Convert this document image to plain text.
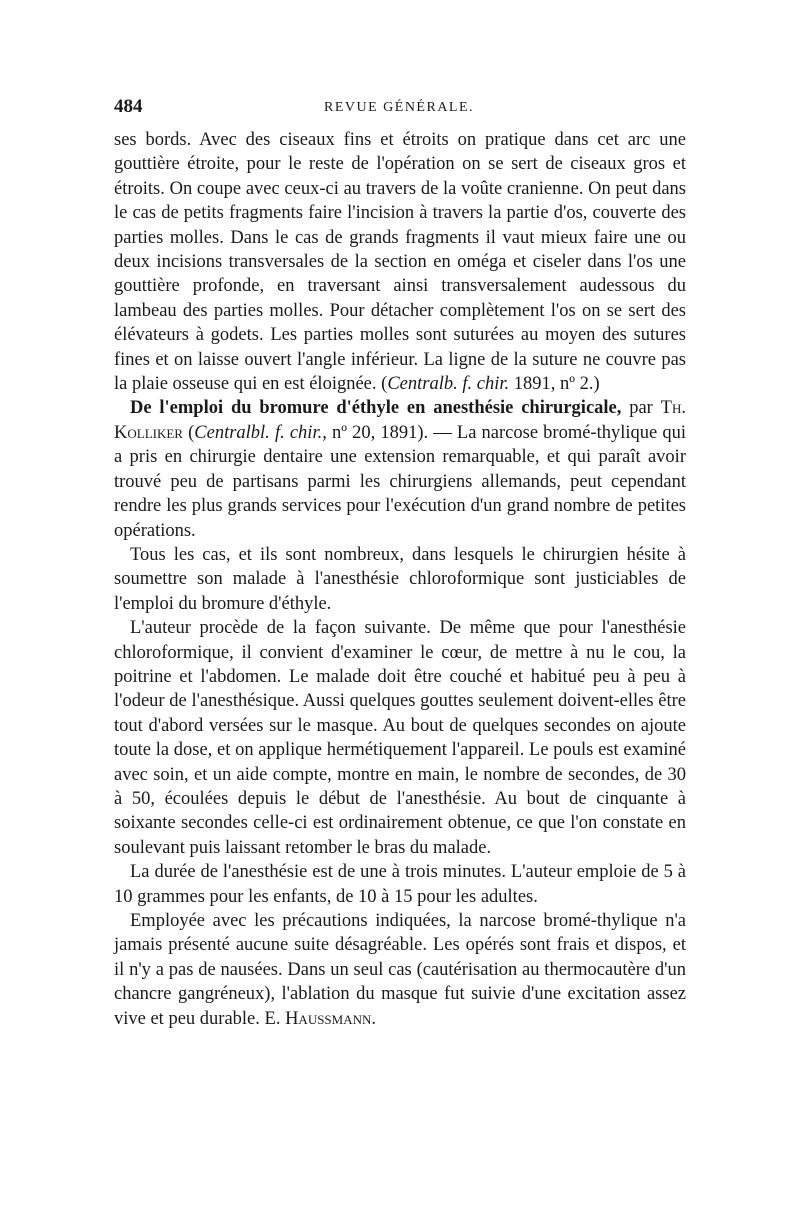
484	REVUE GÉNÉRALE.

ses bords. Avec des ciseaux fins et étroits on pratique dans cet arc une gouttière étroite, pour le reste de l'opération on se sert de ciseaux gros et étroits. On coupe avec ceux-ci au travers de la voûte cranienne. On peut dans le cas de petits fragments faire l'incision à travers la partie d'os, couverte des parties molles. Dans le cas de grands fragments il vaut mieux faire une ou deux incisions transversales de la section en oméga et ciseler dans l'os une gouttière profonde, en traversant ainsi transversalement audessous du lambeau des parties molles. Pour détacher complètement l'os on se sert des élévateurs à godets. Les parties molles sont suturées au moyen des sutures fines et on laisse ouvert l'angle inférieur. La ligne de la suture ne couvre pas la plaie osseuse qui en est éloignée. (Centralb. f. chir. 1891, nº 2.)

De l'emploi du bromure d'éthyle en anesthésie chirurgicale, par Th. Kolliker (Centralbl. f. chir., nº 20, 1891). — La narcose bromé-thylique qui a pris en chirurgie dentaire une extension remarquable, et qui paraît avoir trouvé peu de partisans parmi les chirurgiens allemands, peut cependant rendre les plus grands services pour l'exécution d'un grand nombre de petites opérations.

Tous les cas, et ils sont nombreux, dans lesquels le chirurgien hésite à soumettre son malade à l'anesthésie chloroformique sont justiciables de l'emploi du bromure d'éthyle.

L'auteur procède de la façon suivante. De même que pour l'anesthésie chloroformique, il convient d'examiner le cœur, de mettre à nu le cou, la poitrine et l'abdomen. Le malade doit être couché et habitué peu à peu à l'odeur de l'anesthésique. Aussi quelques gouttes seulement doivent-elles être tout d'abord versées sur le masque. Au bout de quelques secondes on ajoute toute la dose, et on applique hermétiquement l'appareil. Le pouls est examiné avec soin, et un aide compte, montre en main, le nombre de secondes, de 30 à 50, écoulées depuis le début de l'anesthésie. Au bout de cinquante à soixante secondes celle-ci est ordinairement obtenue, ce que l'on constate en soulevant puis laissant retomber le bras du malade.

La durée de l'anesthésie est de une à trois minutes. L'auteur emploie de 5 à 10 grammes pour les enfants, de 10 à 15 pour les adultes.

Employée avec les précautions indiquées, la narcose bromé-thylique n'a jamais présenté aucune suite désagréable. Les opérés sont frais et dispos, et il n'y a pas de nausées. Dans un seul cas (cautérisation au thermocautère d'un chancre gangréneux), l'ablation du masque fut suivie d'une excitation assez vive et peu durable. E. Haussmann.
